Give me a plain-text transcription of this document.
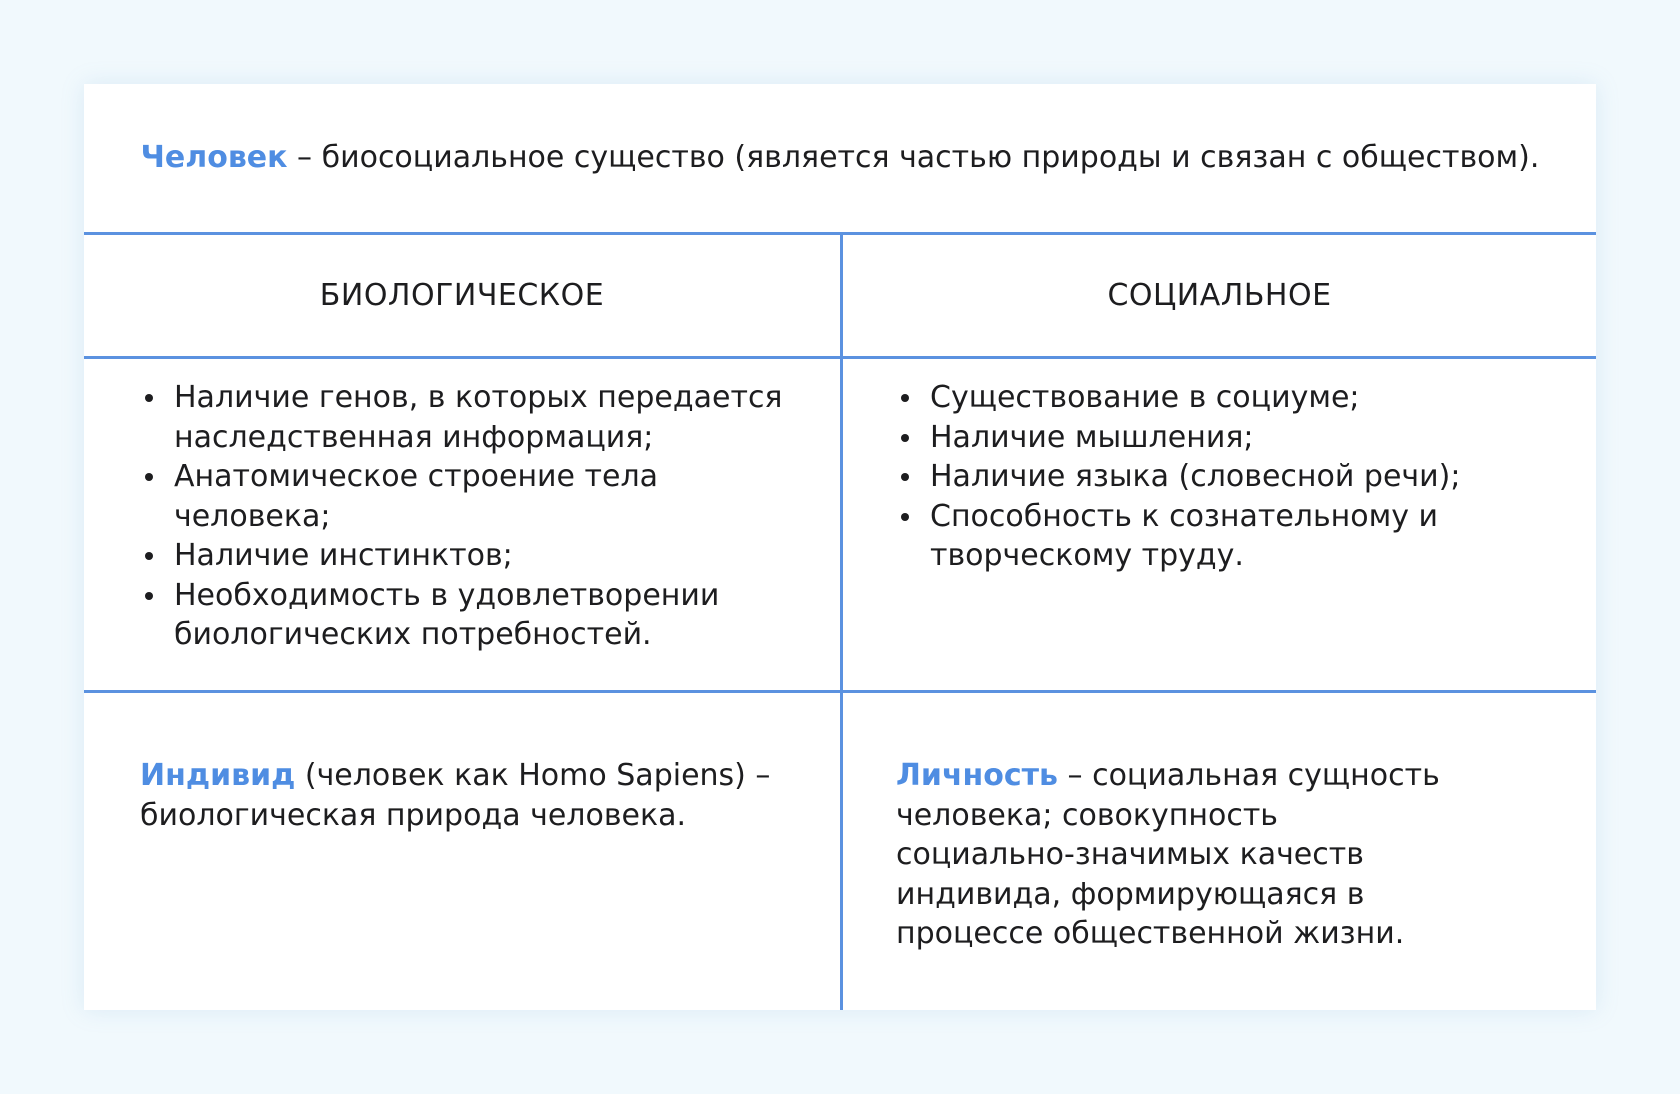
Человек – биосоциальное существо (является частью природы и связан с обществом).

БИОЛОГИЧЕСКОЕ	СОЦИАЛЬНОЕ
Наличие генов, в которых передается наследственная информация;
Анатомическое строение тела человека;
Наличие инстинктов;
Необходимость в удовлетворении биологических потребностей.
Существование в социуме;
Наличие мышления;
Наличие языка (словесной речи);
Способность к сознательному и творческому труду.

Индивид (человек как Homo Sapiens) – биологическая природа человека.

Личность – социальная сущность человека; совокупность социально-значимых качеств индивида, формирующаяся в процессе общественной жизни.
